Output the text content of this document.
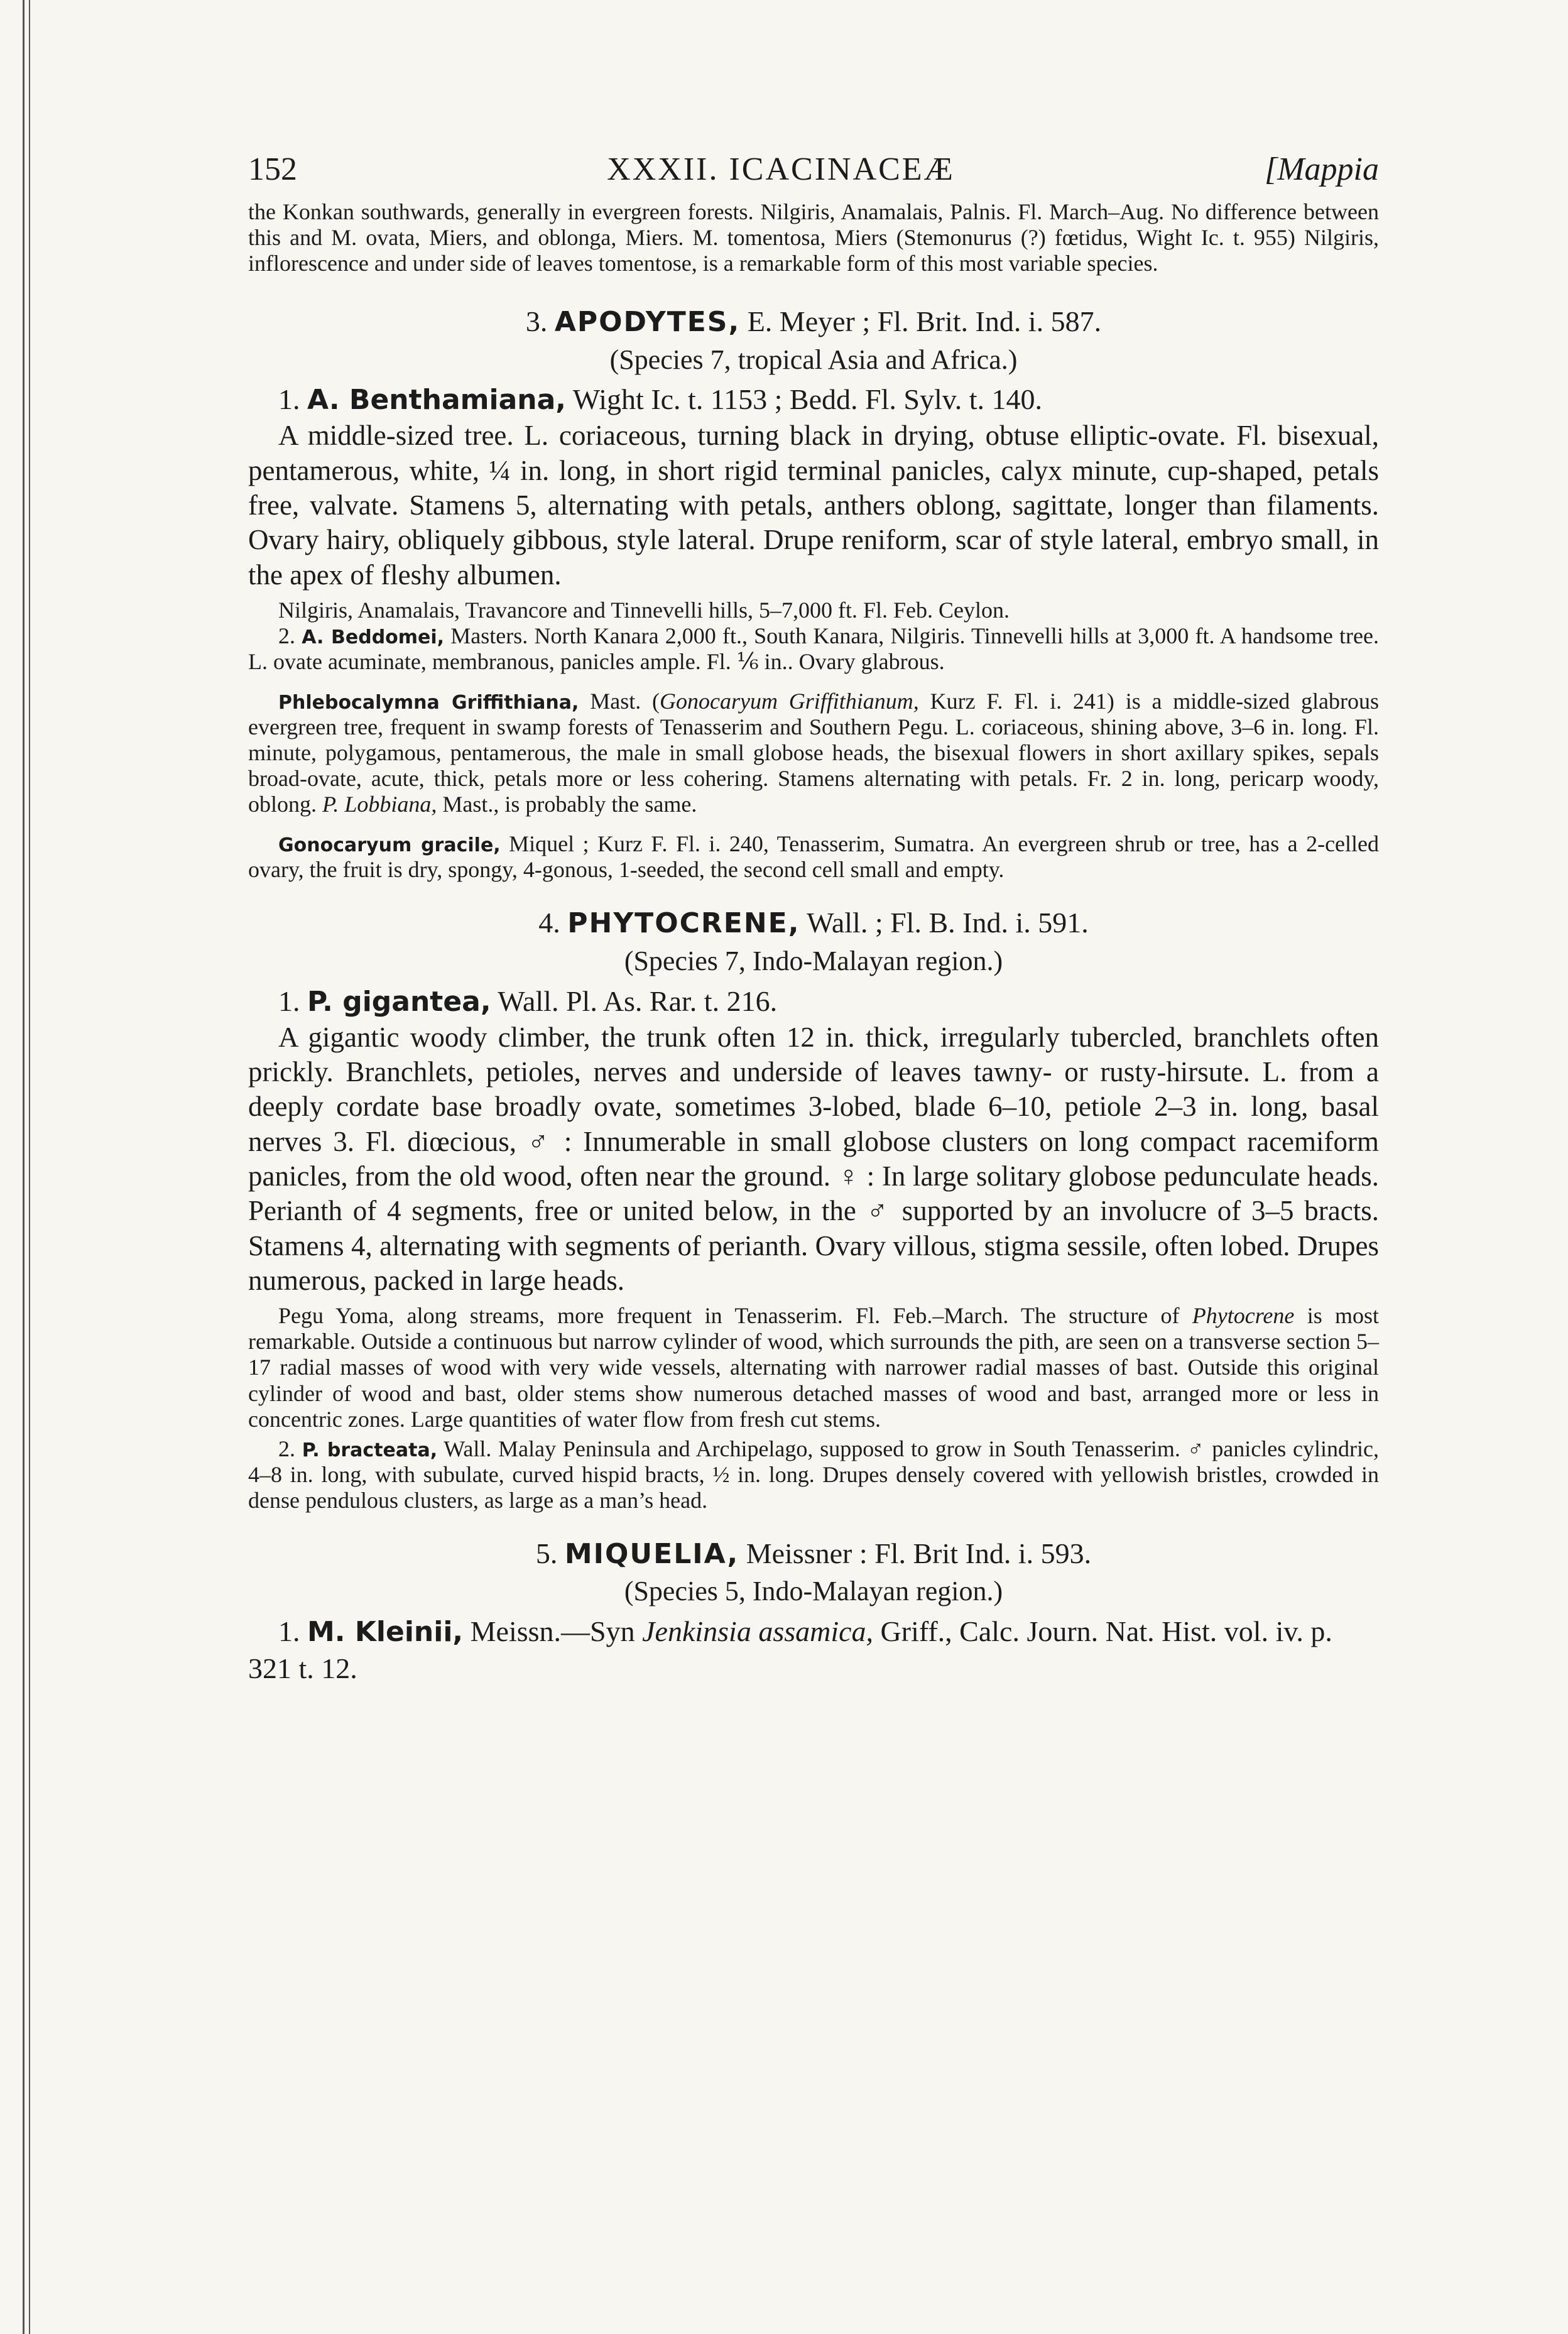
152	XXXII. ICACINACEÆ	[Mappia

the Konkan southwards, generally in evergreen forests. Nilgiris, Anamalais, Palnis. Fl. March–Aug. No difference between this and M. ovata, Miers, and oblonga, Miers. M. tomentosa, Miers (Stemonurus (?) fœtidus, Wight Ic. t. 955) Nilgiris, inflorescence and under side of leaves tomentose, is a remarkable form of this most variable species.

3. APODYTES, E. Meyer ; Fl. Brit. Ind. i. 587.
(Species 7, tropical Asia and Africa.)

1. A. Benthamiana, Wight Ic. t. 1153 ; Bedd. Fl. Sylv. t. 140.

A middle-sized tree. L. coriaceous, turning black in drying, obtuse elliptic-ovate. Fl. bisexual, pentamerous, white, ¼ in. long, in short rigid terminal panicles, calyx minute, cup-shaped, petals free, valvate. Stamens 5, alternating with petals, anthers oblong, sagittate, longer than filaments. Ovary hairy, obliquely gibbous, style lateral. Drupe reniform, scar of style lateral, embryo small, in the apex of fleshy albumen.

Nilgiris, Anamalais, Travancore and Tinnevelli hills, 5–7,000 ft. Fl. Feb. Ceylon.

2. A. Beddomei, Masters. North Kanara 2,000 ft., South Kanara, Nilgiris. Tinnevelli hills at 3,000 ft. A handsome tree. L. ovate acuminate, membranous, panicles ample. Fl. ⅙ in.. Ovary glabrous.

Phlebocalymna Griffithiana, Mast. (Gonocaryum Griffithianum, Kurz F. Fl. i. 241) is a middle-sized glabrous evergreen tree, frequent in swamp forests of Tenasserim and Southern Pegu. L. coriaceous, shining above, 3–6 in. long. Fl. minute, polygamous, pentamerous, the male in small globose heads, the bisexual flowers in short axillary spikes, sepals broad-ovate, acute, thick, petals more or less cohering. Stamens alternating with petals. Fr. 2 in. long, pericarp woody, oblong. P. Lobbiana, Mast., is probably the same.

Gonocaryum gracile, Miquel ; Kurz F. Fl. i. 240, Tenasserim, Sumatra. An evergreen shrub or tree, has a 2-celled ovary, the fruit is dry, spongy, 4-gonous, 1-seeded, the second cell small and empty.

4. PHYTOCRENE, Wall. ; Fl. B. Ind. i. 591.
(Species 7, Indo-Malayan region.)

1. P. gigantea, Wall. Pl. As. Rar. t. 216.

A gigantic woody climber, the trunk often 12 in. thick, irregularly tubercled, branchlets often prickly. Branchlets, petioles, nerves and underside of leaves tawny- or rusty-hirsute. L. from a deeply cordate base broadly ovate, sometimes 3-lobed, blade 6–10, petiole 2–3 in. long, basal nerves 3. Fl. diœcious, ♂ : Innumerable in small globose clusters on long compact racemiform panicles, from the old wood, often near the ground. ♀ : In large solitary globose pedunculate heads. Perianth of 4 segments, free or united below, in the ♂ supported by an involucre of 3–5 bracts. Stamens 4, alternating with segments of perianth. Ovary villous, stigma sessile, often lobed. Drupes numerous, packed in large heads.

Pegu Yoma, along streams, more frequent in Tenasserim. Fl. Feb.–March. The structure of Phytocrene is most remarkable. Outside a continuous but narrow cylinder of wood, which surrounds the pith, are seen on a transverse section 5–17 radial masses of wood with very wide vessels, alternating with narrower radial masses of bast. Outside this original cylinder of wood and bast, older stems show numerous detached masses of wood and bast, arranged more or less in concentric zones. Large quantities of water flow from fresh cut stems.

2. P. bracteata, Wall. Malay Peninsula and Archipelago, supposed to grow in South Tenasserim. ♂ panicles cylindric, 4–8 in. long, with subulate, curved hispid bracts, ½ in. long. Drupes densely covered with yellowish bristles, crowded in dense pendulous clusters, as large as a man’s head.

5. MIQUELIA, Meissner : Fl. Brit Ind. i. 593.
(Species 5, Indo-Malayan region.)

1. M. Kleinii, Meissn.—Syn Jenkinsia assamica, Griff., Calc. Journ. Nat. Hist. vol. iv. p. 321 t. 12.
